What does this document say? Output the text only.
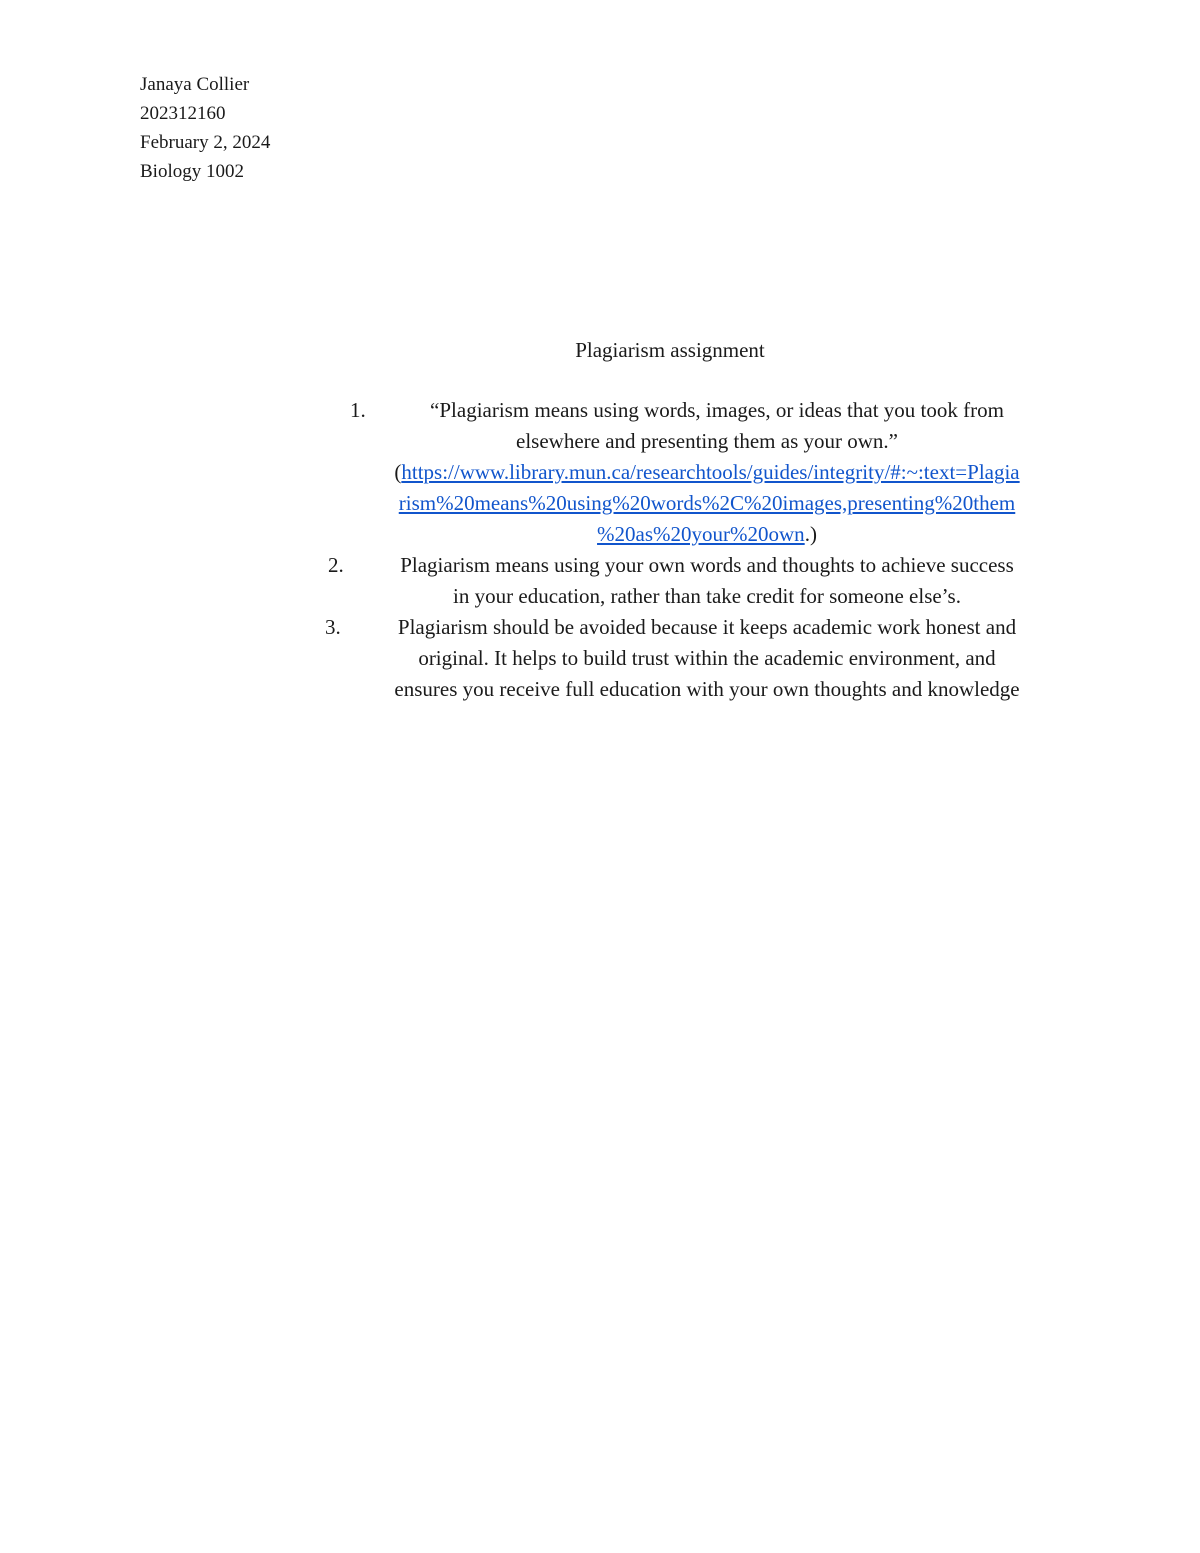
Janaya Collier
202312160
February 2, 2024
Biology 1002
Plagiarism assignment
1.	“Plagiarism means using words, images, or ideas that you took from
elsewhere and presenting them as your own.”
(https://www.library.mun.ca/researchtools/guides/integrity/#:~:text=Plagia
rism%20means%20using%20words%2C%20images,presenting%20them
%20as%20your%20own.)
2.	Plagiarism means using your own words and thoughts to achieve success
in your education, rather than take credit for someone else’s.
3.	Plagiarism should be avoided because it keeps academic work honest and
original. It helps to build trust within the academic environment, and
ensures you receive full education with your own thoughts and knowledge
